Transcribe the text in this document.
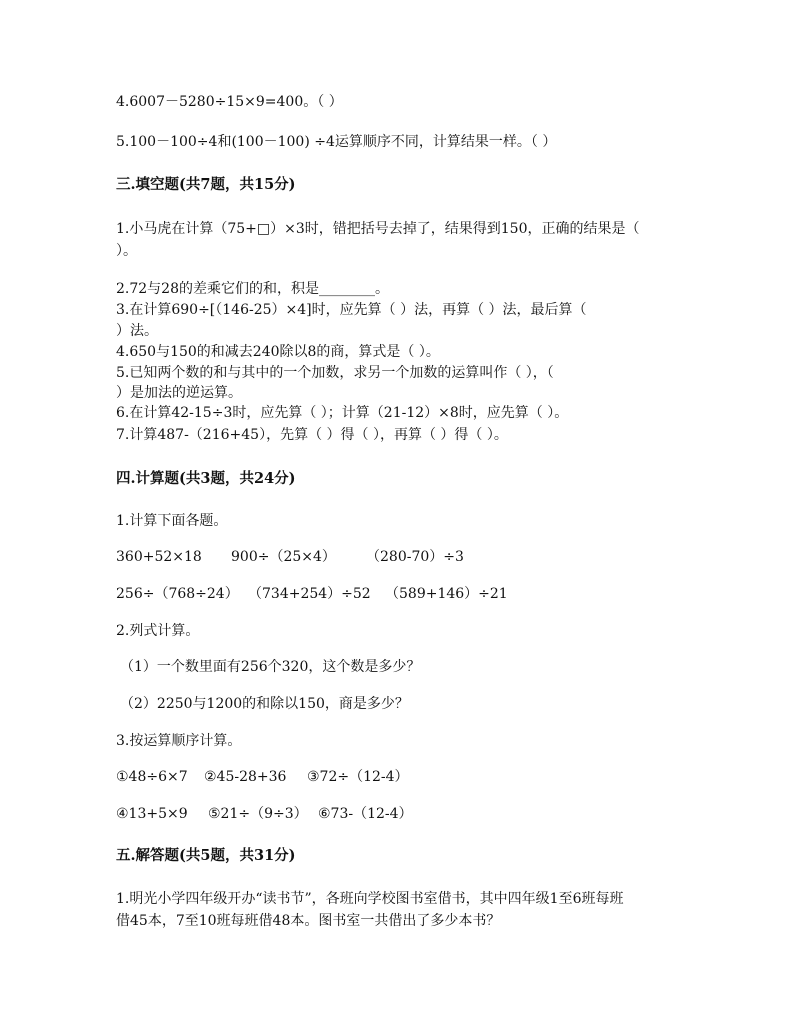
4.6007－5280÷15×9=400。（ ）
5.100－100÷4和(100－100) ÷4运算顺序不同，计算结果一样。（ ）
三.填空题(共7题，共15分)
1.小马虎在计算（75+□）×3时，错把括号去掉了，结果得到150，正确的结果是（
）。
2.72与28的差乘它们的和，积是________。
3.在计算690÷[（146-25）×4]时，应先算（ ）法，再算（ ）法，最后算（
）法。
4.650与150的和减去240除以8的商，算式是（ ）。
5.已知两个数的和与其中的一个加数，求另一个加数的运算叫作（ ），（
）是加法的逆运算。
6.在计算42-15÷3时，应先算（ ）；计算（21-12）×8时，应先算（ ）。
7.计算487-（216+45），先算（ ）得（ ），再算（ ）得（ ）。
四.计算题(共3题，共24分)
1.计算下面各题。
360+52×18 900÷（25×4） （280-70）÷3
256÷（768÷24） （734+254）÷52 （589+146）÷21
2.列式计算。
（1）一个数里面有256个320，这个数是多少？
（2）2250与1200的和除以150，商是多少？
3.按运算顺序计算。
①48÷6×7 ②45-28+36 ③72÷（12-4）
④13+5×9 ⑤21÷（9÷3） ⑥73-（12-4）
五.解答题(共5题，共31分)
1.明光小学四年级开办“读书节”，各班向学校图书室借书，其中四年级1至6班每班
借45本，7至10班每班借48本。图书室一共借出了多少本书？
